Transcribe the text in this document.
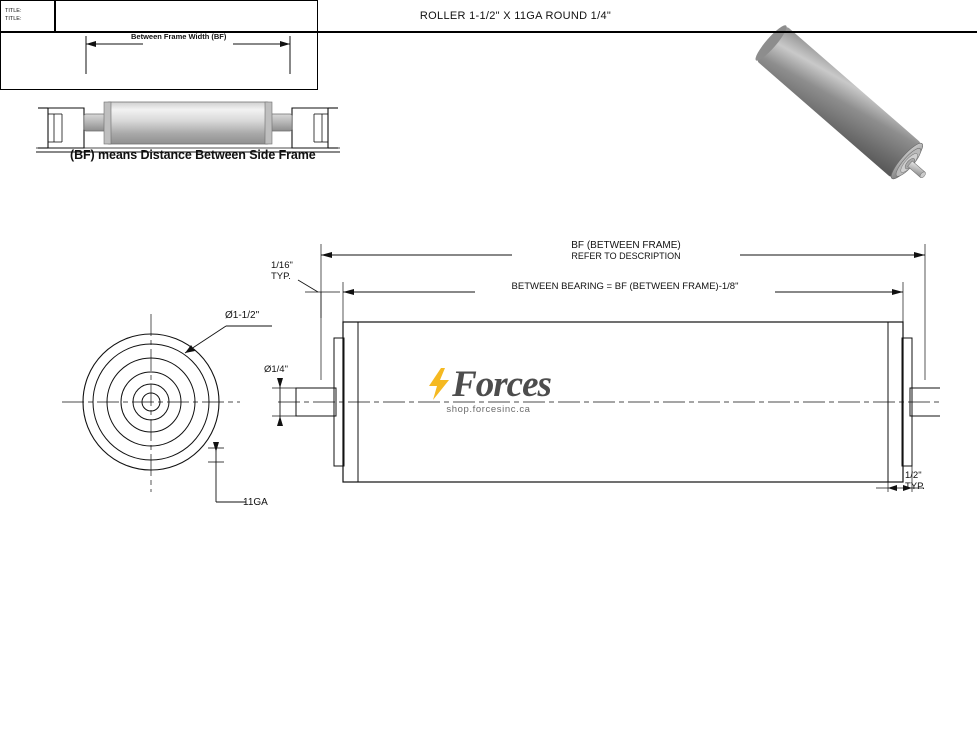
Between Frame Width (BF)
(BF) means Distance Between Side Frame
BF (BETWEEN FRAME)
REFER TO DESCRIPTION
BETWEEN BEARING = BF (BETWEEN FRAME)-1/8"
1/16"
TYP.
1/2"
TYP.
Ø1/4"
Ø1-1/2"
11GA
TITLE:
TITLE:	ROLLER 1-1/2" X 11GA ROUND 1/4"
Forces
shop.forcesinc.ca
